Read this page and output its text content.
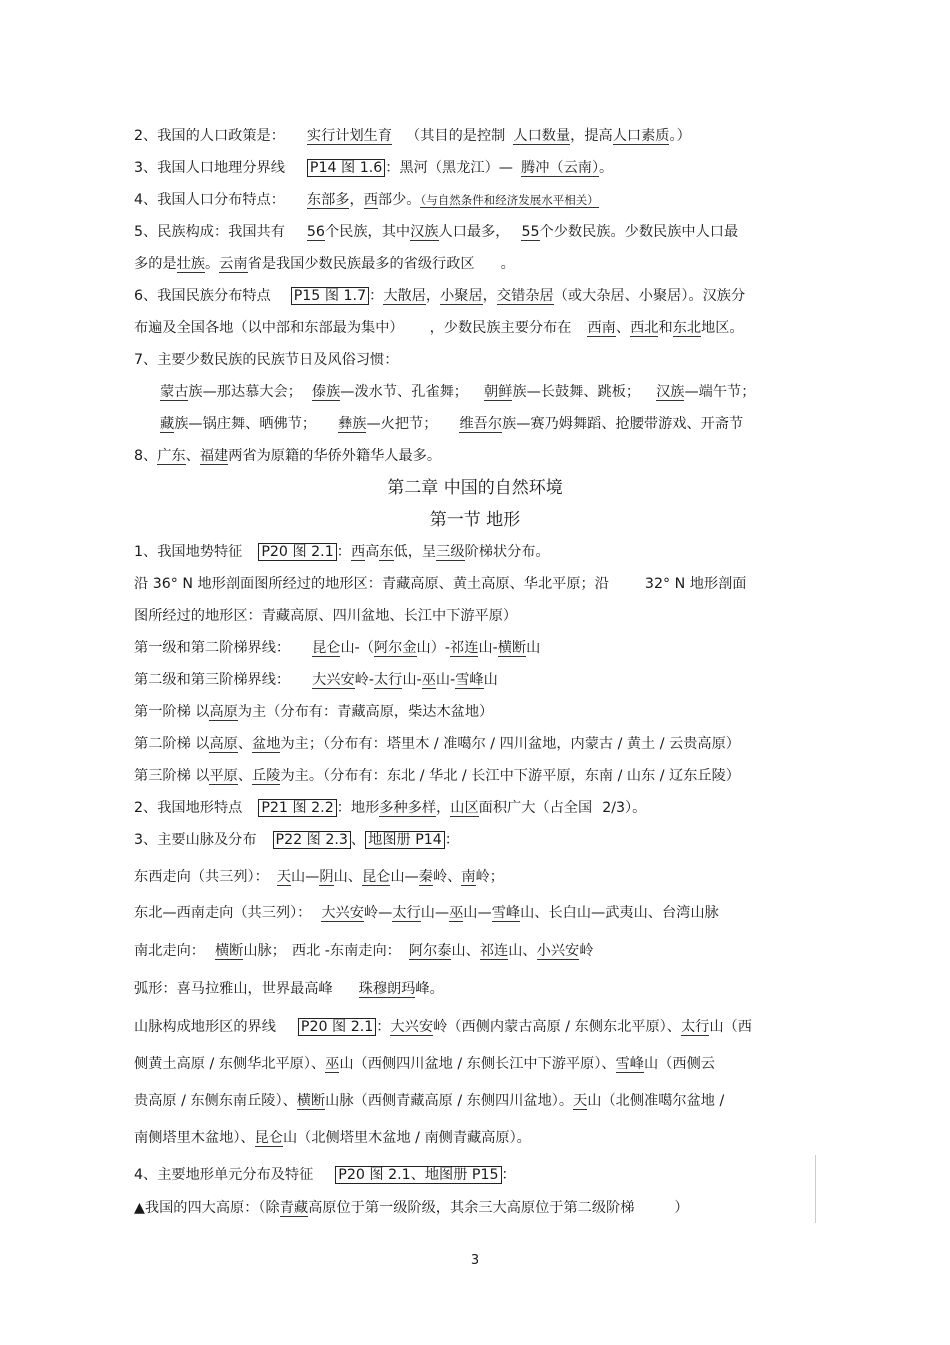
2、我国的人口政策是： 实行计划生育 （其目的是控制 人口数量，提高人口素质。）
3、我国人口地理分界线 P14 图 1.6 ：黑河（黑龙江）— 腾冲（云南）。
4、我国人口分布特点： 东部多，西部少。（与自然条件和经济发展水平相关）
5、民族构成：我国共有 56个民族，其中汉族人口最多， 55个少数民族。少数民族中人口最
多的是壮族。云南省是我国少数民族最多的省级行政区 。
6、我国民族分布特点 P15 图 1.7 ：大散居，小聚居，交错杂居（或大杂居、小聚居）。汉族分
布遍及全国各地（以中部和东部最为集中） ，少数民族主要分布在 西南、西北和东北地区。
7、主要少数民族的民族节日及风俗习惯：
蒙古族—那达慕大会； 傣族—泼水节、孔雀舞； 朝鲜族—长鼓舞、跳板； 汉族—端午节；
藏族—锅庄舞、晒佛节； 彝族—火把节； 维吾尔族—赛乃姆舞蹈、抢腰带游戏、开斋节
8、广东、福建两省为原籍的华侨外籍华人最多。
第二章 中国的自然环境
第一节 地形
1、我国地势特征 P20 图 2.1 ：西高东低，呈三级阶梯状分布。
沿 36° N 地形剖面图所经过的地形区：青藏高原、黄土高原、华北平原；沿	32° N 地形剖面
图所经过的地形区：青藏高原、四川盆地、长江中下游平原）
第一级和第二阶梯界线： 昆仑山-（阿尔金山）-祁连山-横断山
第二级和第三阶梯界线： 大兴安岭-太行山-巫山-雪峰山
第一阶梯 以高原为主（分布有：青藏高原，柴达木盆地）
第二阶梯 以高原、盆地为主；（分布有：塔里木 / 准噶尔 / 四川盆地，内蒙古 / 黄土 / 云贵高原）
第三阶梯 以平原、丘陵为主。（分布有：东北 / 华北 / 长江中下游平原，东南 / 山东 / 辽东丘陵）
2、我国地形特点 P21 图 2.2 ：地形多种多样，山区面积广大（占全国 2/3）。
3、主要山脉及分布 P22 图 2.3 、 地图册 P14 ：
东西走向（共三列）： 天山—阴山、昆仑山—秦岭、南岭；
东北—西南走向（共三列）： 大兴安岭—太行山—巫山—雪峰山、长白山—武夷山、台湾山脉
南北走向： 横断山脉； 西北 -东南走向： 阿尔泰山、祁连山、小兴安岭
弧形：喜马拉雅山，世界最高峰 珠穆朗玛峰。
山脉构成地形区的界线 P20 图 2.1 ：大兴安岭（西侧内蒙古高原 / 东侧东北平原）、太行山（西
侧黄土高原 / 东侧华北平原）、巫山（西侧四川盆地 / 东侧长江中下游平原）、雪峰山（西侧云
贵高原 / 东侧东南丘陵）、横断山脉（西侧青藏高原 / 东侧四川盆地）。天山（北侧准噶尔盆地 /
南侧塔里木盆地）、昆仑山（北侧塔里木盆地 / 南侧青藏高原）。
4、主要地形单元分布及特征 P20 图 2.1、地图册 P15 ：
▲我国的四大高原：（除青藏高原位于第一级阶级，其余三大高原位于第二级阶梯	）
3
